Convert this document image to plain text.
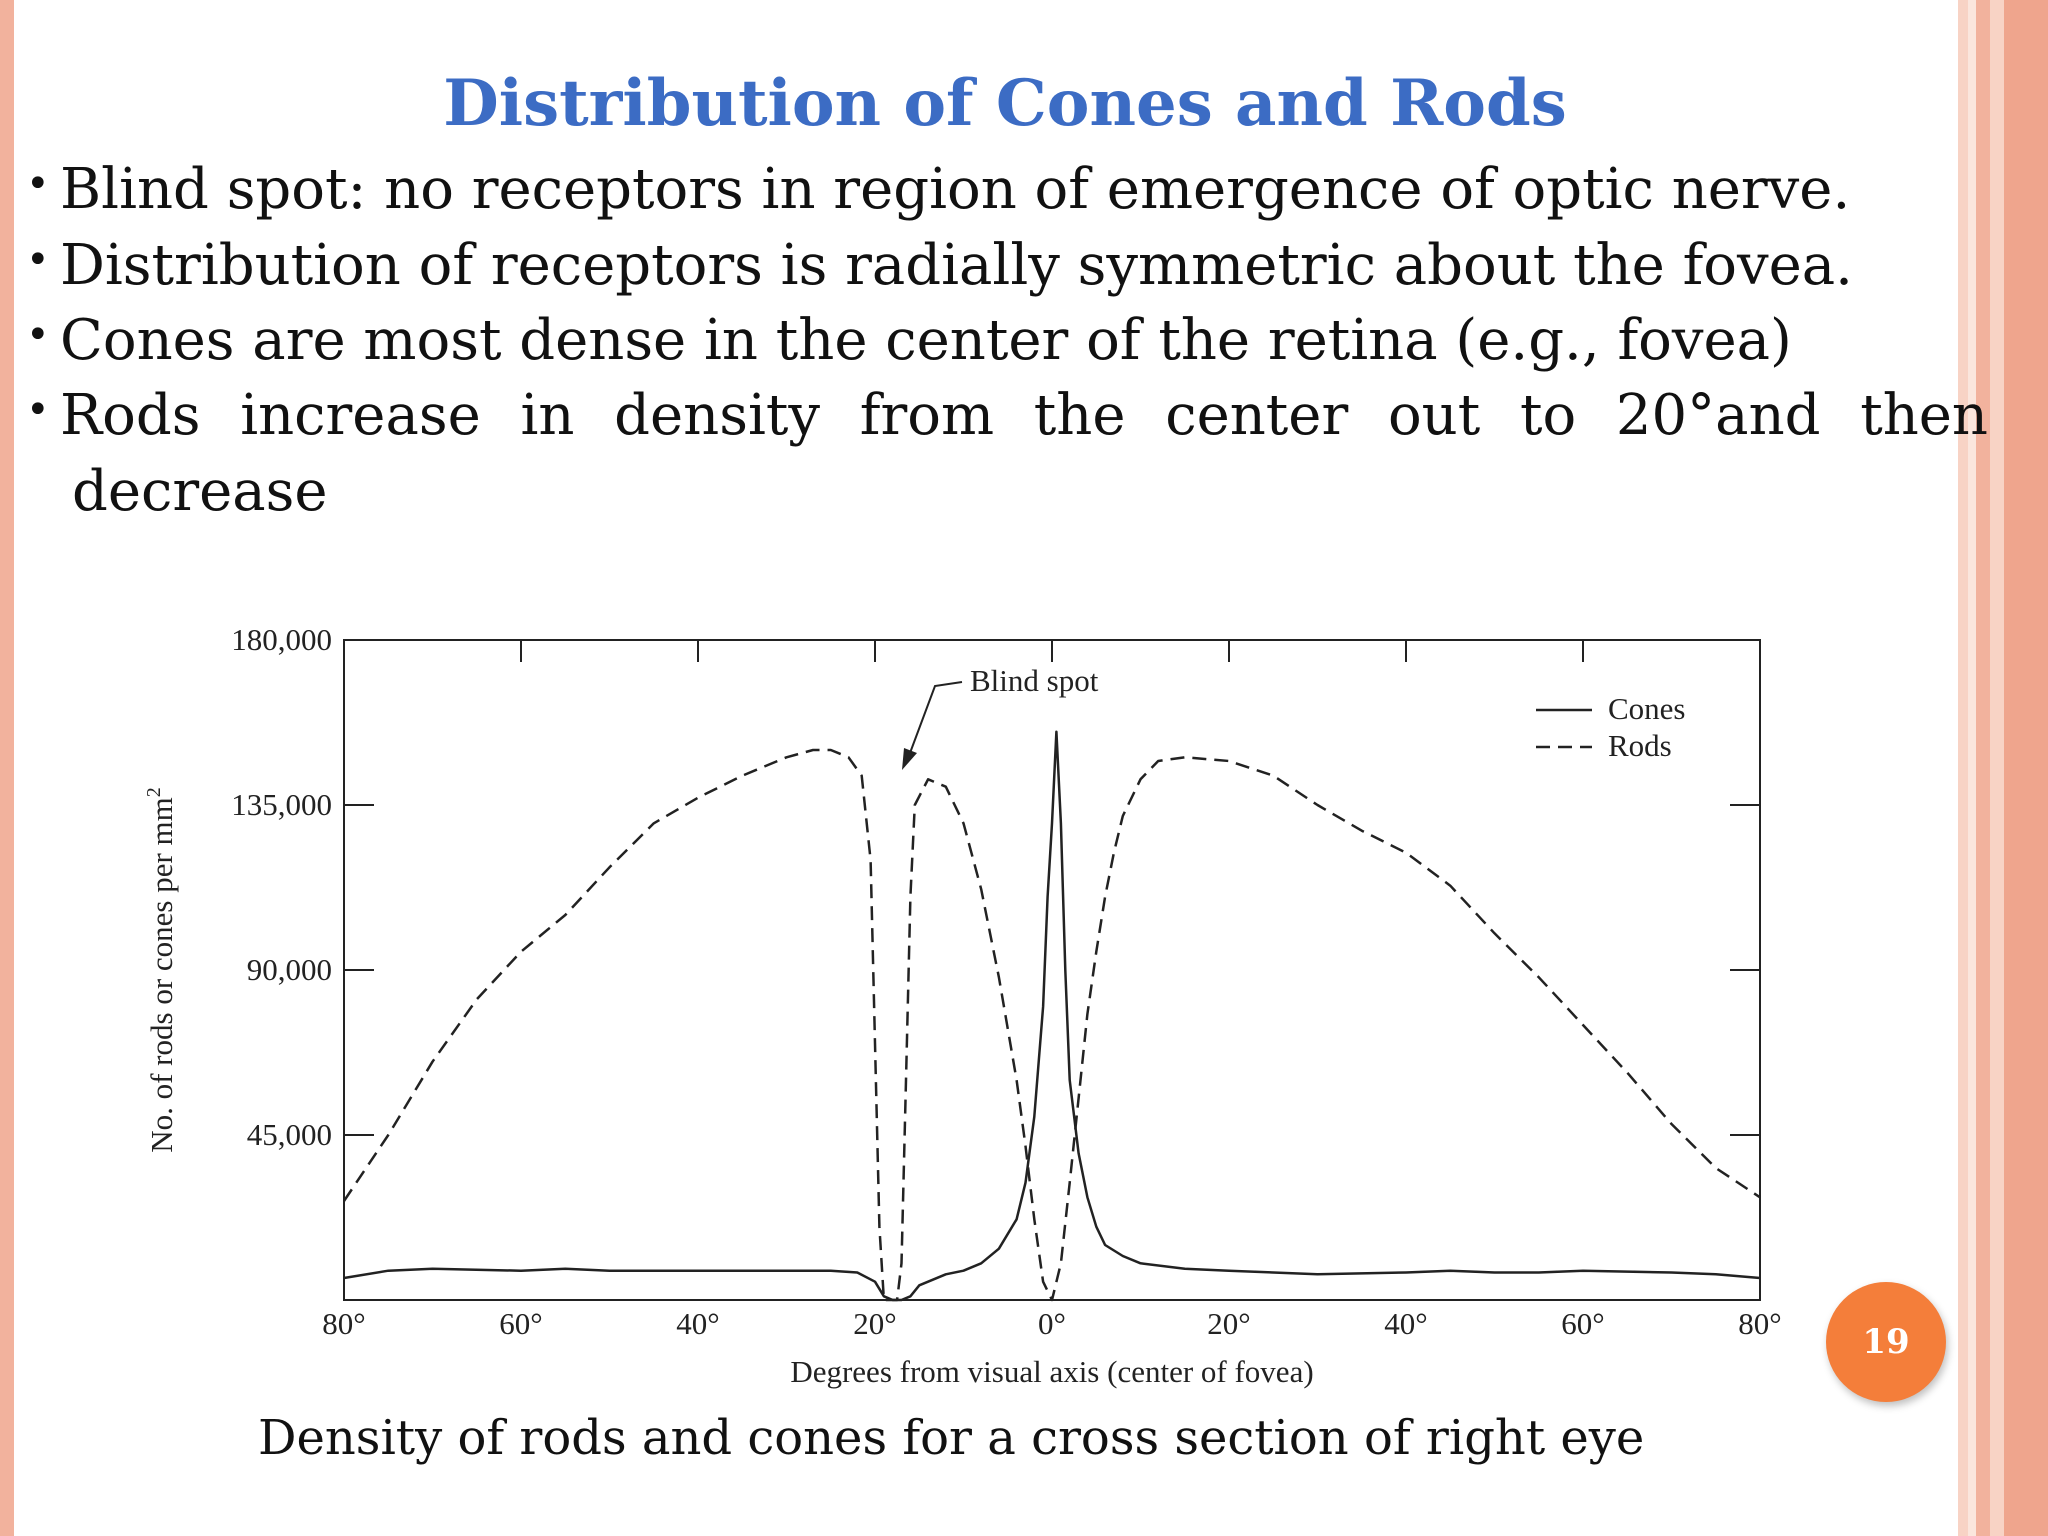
Distribution of Cones and Rods
• Blind spot: no receptors in region of emergence of optic nerve.
• Distribution of receptors is radially symmetric about the fovea.
• Cones are most dense in the center of the retina (e.g., fovea)
• Rods increase in density from the center out to 20°and then
decrease
45,000
90,000
135,000
180,000
80°	60°	40°	20°	0°	20°	40°	60°	80°
Degrees from visual axis (center of fovea)
No. of rods or cones per $mm^2$
Cones
Rods
Blind spot
Density of rods and cones for a cross section of right eye
19
